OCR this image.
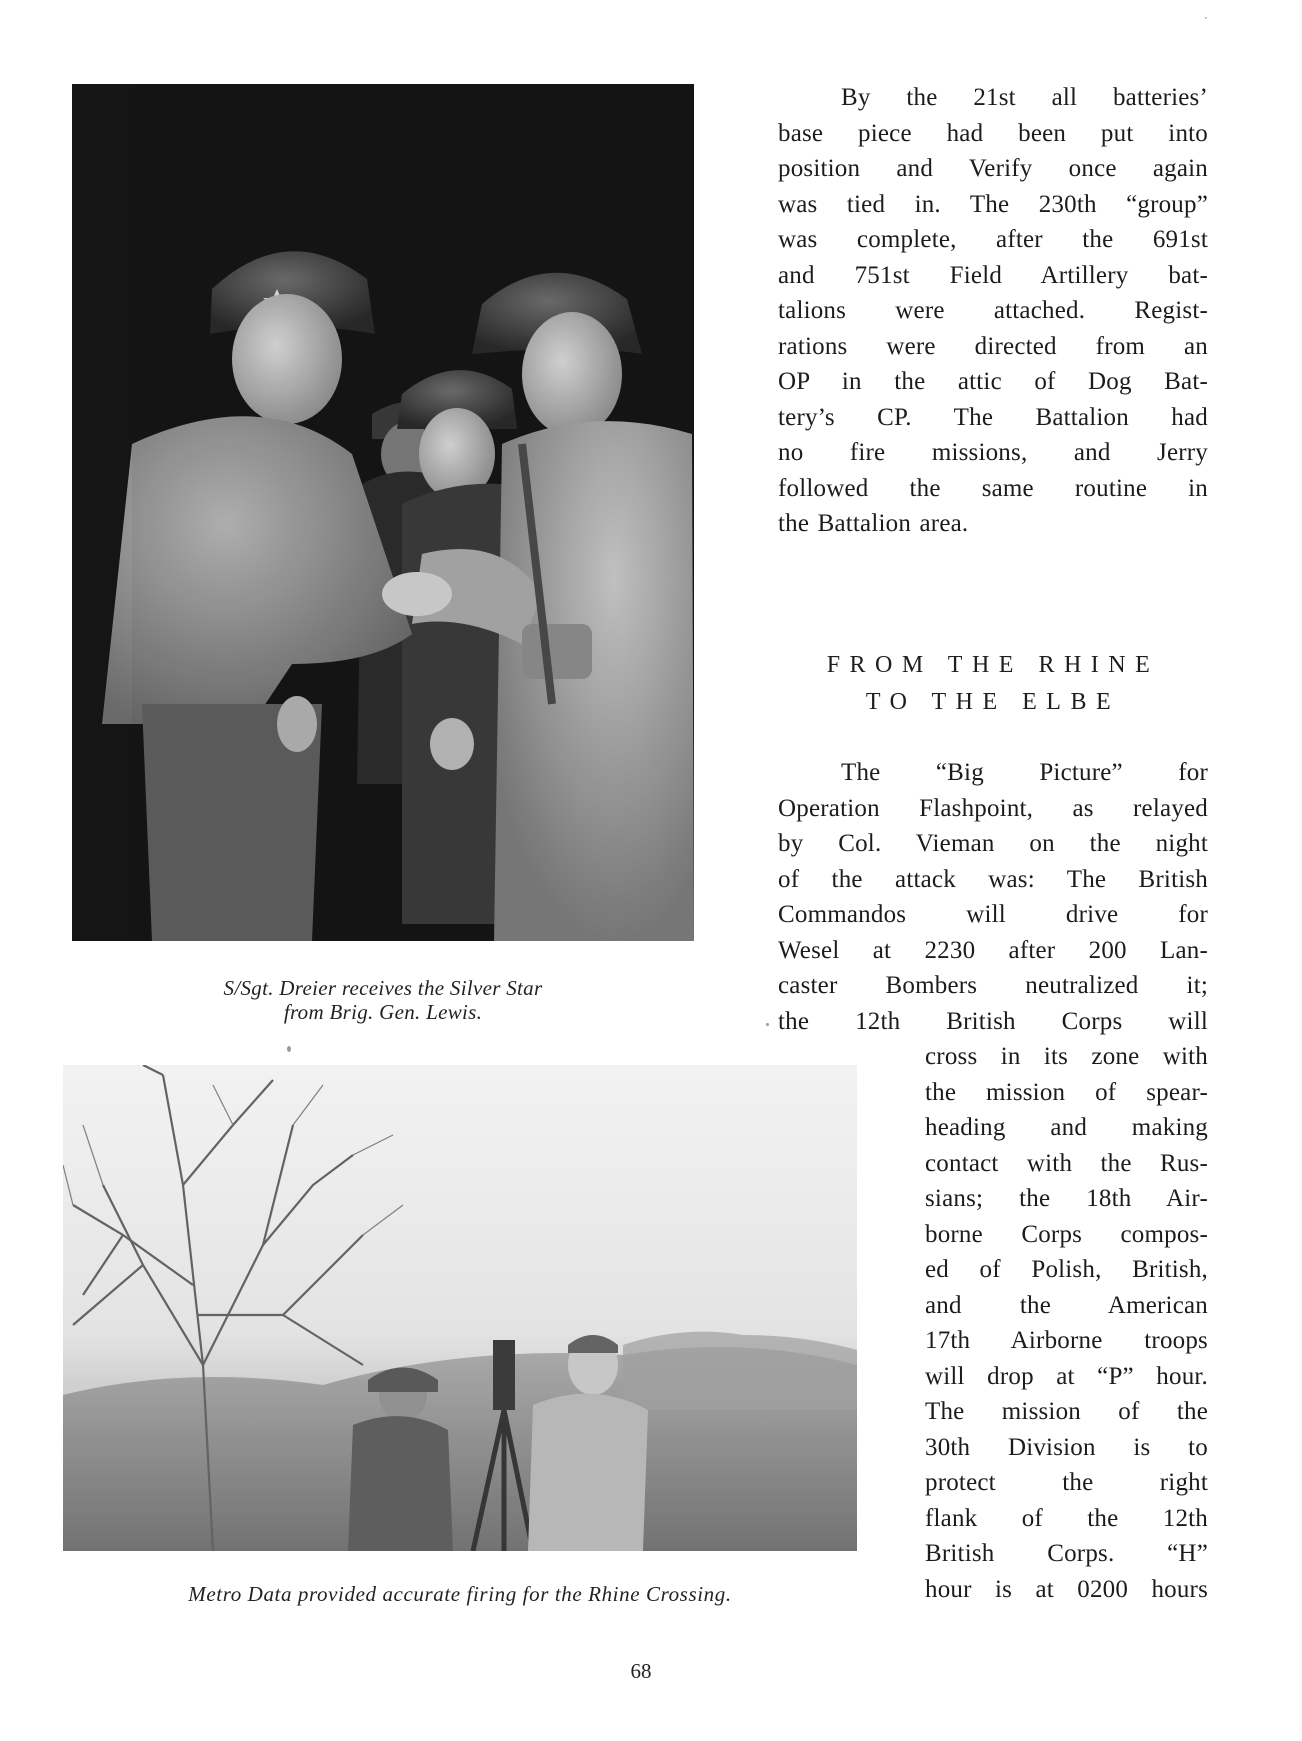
S/Sgt. Dreier receives the Silver Star
from Brig. Gen. Lewis.
Metro Data provided accurate firing for the Rhine Crossing.
By the 21st all batteries’
base piece had been put into
position and Verify once again
was tied in. The 230th “group”
was complete, after the 691st
and 751st Field Artillery bat-
talions were attached. Regist-
rations were directed from an
OP in the attic of Dog Bat-
tery’s CP. The Battalion had
no fire missions, and Jerry
followed the same routine in
the Battalion area.
FROM THE RHINE
TO THE ELBE
The “Big Picture” for
Operation Flashpoint, as relayed
by Col. Vieman on the night
of the attack was: The British
Commandos will drive for
Wesel at 2230 after 200 Lan-
caster Bombers neutralized it;
the 12th British Corps will
cross in its zone with
the mission of spear-
heading and making
contact with the Rus-
sians; the 18th Air-
borne Corps compos-
ed of Polish, British,
and the American
17th Airborne troops
will drop at “P” hour.
The mission of the
30th Division is to
protect the right
flank of the 12th
British Corps. “H”
hour is at 0200 hours
68
